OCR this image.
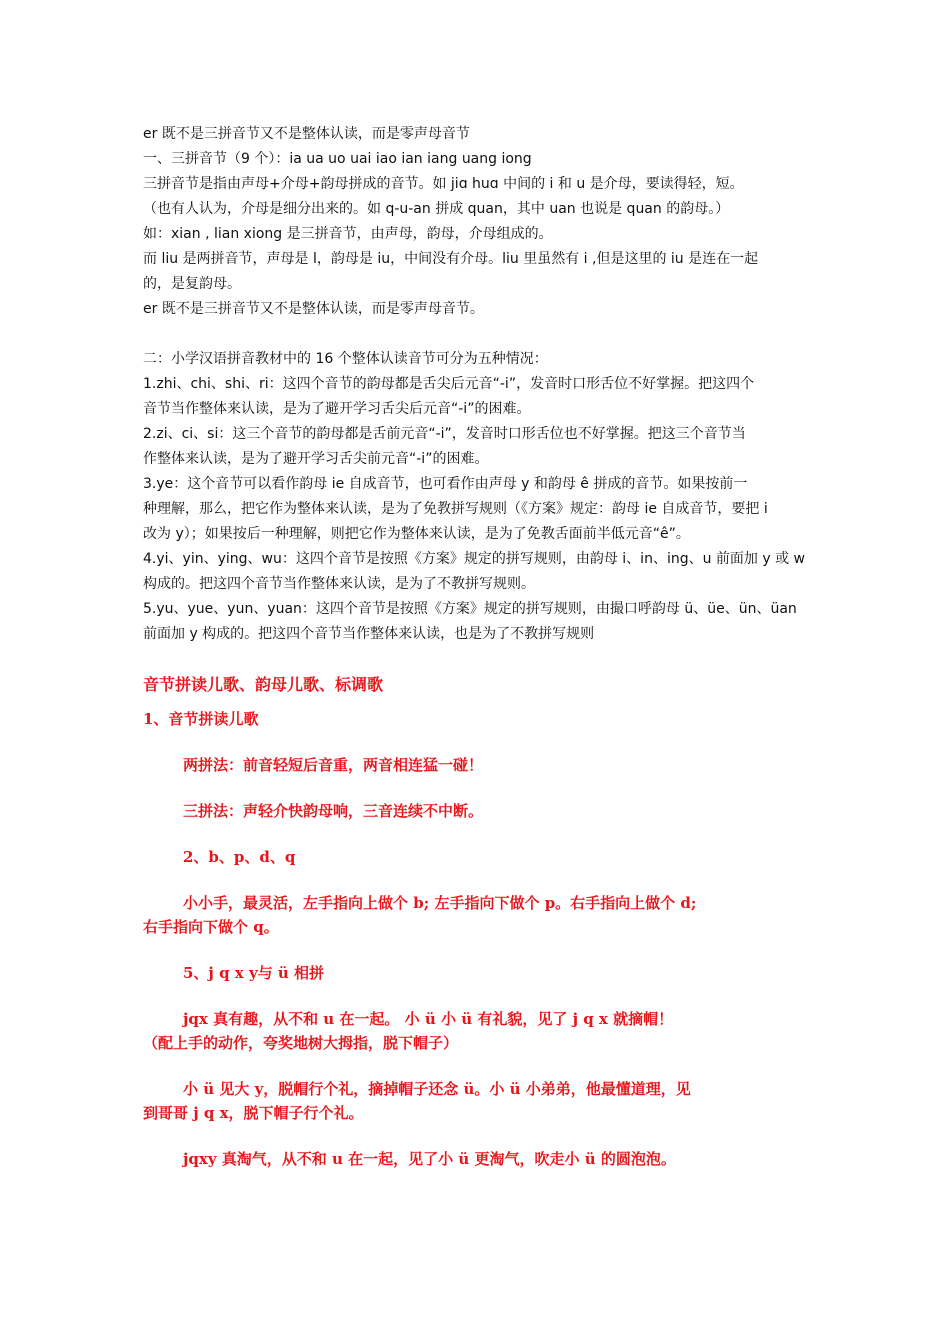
er 既不是三拼音节又不是整体认读，而是零声母音节
一、三拼音节（9 个）：ia ua uo uai iao ian iang uang iong
三拼音节是指由声母+介母+韵母拼成的音节。如 jiɑ huɑ 中间的 i 和 u 是介母，要读得轻，短。
（也有人认为，介母是细分出来的。如 q-u-an 拼成 quan，其中 uan 也说是 quan 的韵母。）
如：xian , lian xiong 是三拼音节，由声母，韵母，介母组成的。
而 liu 是两拼音节，声母是 l，韵母是 iu，中间没有介母。liu 里虽然有 i ,但是这里的 iu 是连在一起
的，是复韵母。
er 既不是三拼音节又不是整体认读，而是零声母音节。
二：小学汉语拼音教材中的 16 个整体认读音节可分为五种情况：
1.zhi、chi、shi、ri：这四个音节的韵母都是舌尖后元音“-i”，发音时口形舌位不好掌握。把这四个
音节当作整体来认读，是为了避开学习舌尖后元音“-i”的困难。
2.zi、ci、si：这三个音节的韵母都是舌前元音“-i”，发音时口形舌位也不好掌握。把这三个音节当
作整体来认读，是为了避开学习舌尖前元音“-i”的困难。
3.ye：这个音节可以看作韵母 ie 自成音节，也可看作由声母 y 和韵母 ê 拼成的音节。如果按前一
种理解，那么，把它作为整体来认读，是为了免教拼写规则（《方案》规定：韵母 ie 自成音节，要把 i
改为 y）；如果按后一种理解，则把它作为整体来认读，是为了免教舌面前半低元音“ê”。
4.yi、yin、ying、wu：这四个音节是按照《方案》规定的拼写规则，由韵母 i、in、ing、u 前面加 y 或 w
构成的。把这四个音节当作整体来认读，是为了不教拼写规则。
5.yu、yue、yun、yuan：这四个音节是按照《方案》规定的拼写规则，由撮口呼韵母 ü、üe、ün、üan
前面加 y 构成的。把这四个音节当作整体来认读，也是为了不教拼写规则
音节拼读儿歌、韵母儿歌、标调歌
1、音节拼读儿歌
两拼法：前音轻短后音重，两音相连猛一碰！
三拼法：声轻介快韵母响，三音连续不中断。
2、b、p、d、q
小小手，最灵活，左手指向上做个 b; 左手指向下做个 p。右手指向上做个 d;
右手指向下做个 q。
5、j q x y与 ü 相拼
jqx 真有趣，从不和 u 在一起。 小 ü 小 ü 有礼貌，见了 j q x 就摘帽！
（配上手的动作，夸奖地树大拇指，脱下帽子）
小 ü 见大 y，脱帽行个礼，摘掉帽子还念 ü。小 ü 小弟弟，他最懂道理，见
到哥哥 j q x，脱下帽子行个礼。
jqxy 真淘气，从不和 u 在一起，见了小 ü 更淘气，吹走小 ü 的圆泡泡。
